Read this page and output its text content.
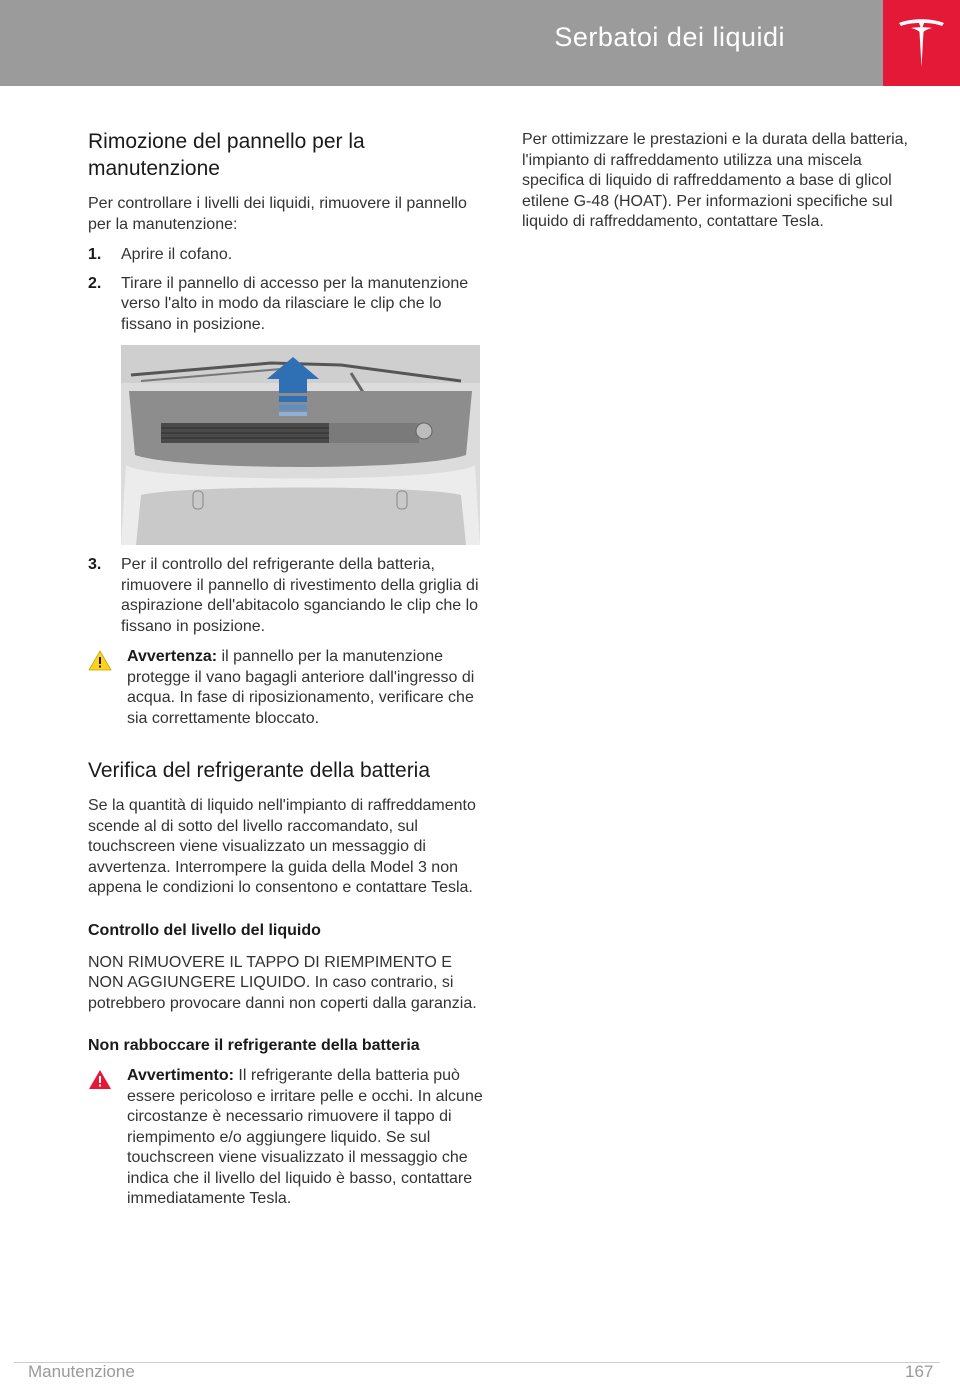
Serbatoi dei liquidi
Rimozione del pannello per la manutenzione

Per controllare i livelli dei liquidi, rimuovere il pannello per la manutenzione:

1.	Aprire il cofano.
2.	Tirare il pannello di accesso per la manutenzione verso l'alto in modo da rilasciare le clip che lo fissano in posizione.
3.	Per il controllo del refrigerante della batteria, rimuovere il pannello di rivestimento della griglia di aspirazione dell'abitacolo sganciando le clip che lo fissano in posizione.
Avvertenza: il pannello per la manutenzione protegge il vano bagagli anteriore dall'ingresso di acqua. In fase di riposizionamento, verificare che sia correttamente bloccato.
Verifica del refrigerante della batteria

Se la quantità di liquido nell'impianto di raffreddamento scende al di sotto del livello raccomandato, sul touchscreen viene visualizzato un messaggio di avvertenza. Interrompere la guida della Model 3 non appena le condizioni lo consentono e contattare Tesla.

Controllo del livello del liquido

NON RIMUOVERE IL TAPPO DI RIEMPIMENTO E NON AGGIUNGERE LIQUIDO. In caso contrario, si potrebbero provocare danni non coperti dalla garanzia.

Non rabboccare il refrigerante della batteria
Avvertimento: Il refrigerante della batteria può essere pericoloso e irritare pelle e occhi. In alcune circostanze è necessario rimuovere il tappo di riempimento e/o aggiungere liquido. Se sul touchscreen viene visualizzato il messaggio che indica che il livello del liquido è basso, contattare immediatamente Tesla.

Per ottimizzare le prestazioni e la durata della batteria, l'impianto di raffreddamento utilizza una miscela specifica di liquido di raffreddamento a base di glicol etilene G-48 (HOAT). Per informazioni specifiche sul liquido di raffreddamento, contattare Tesla.

Manutenzione	167
